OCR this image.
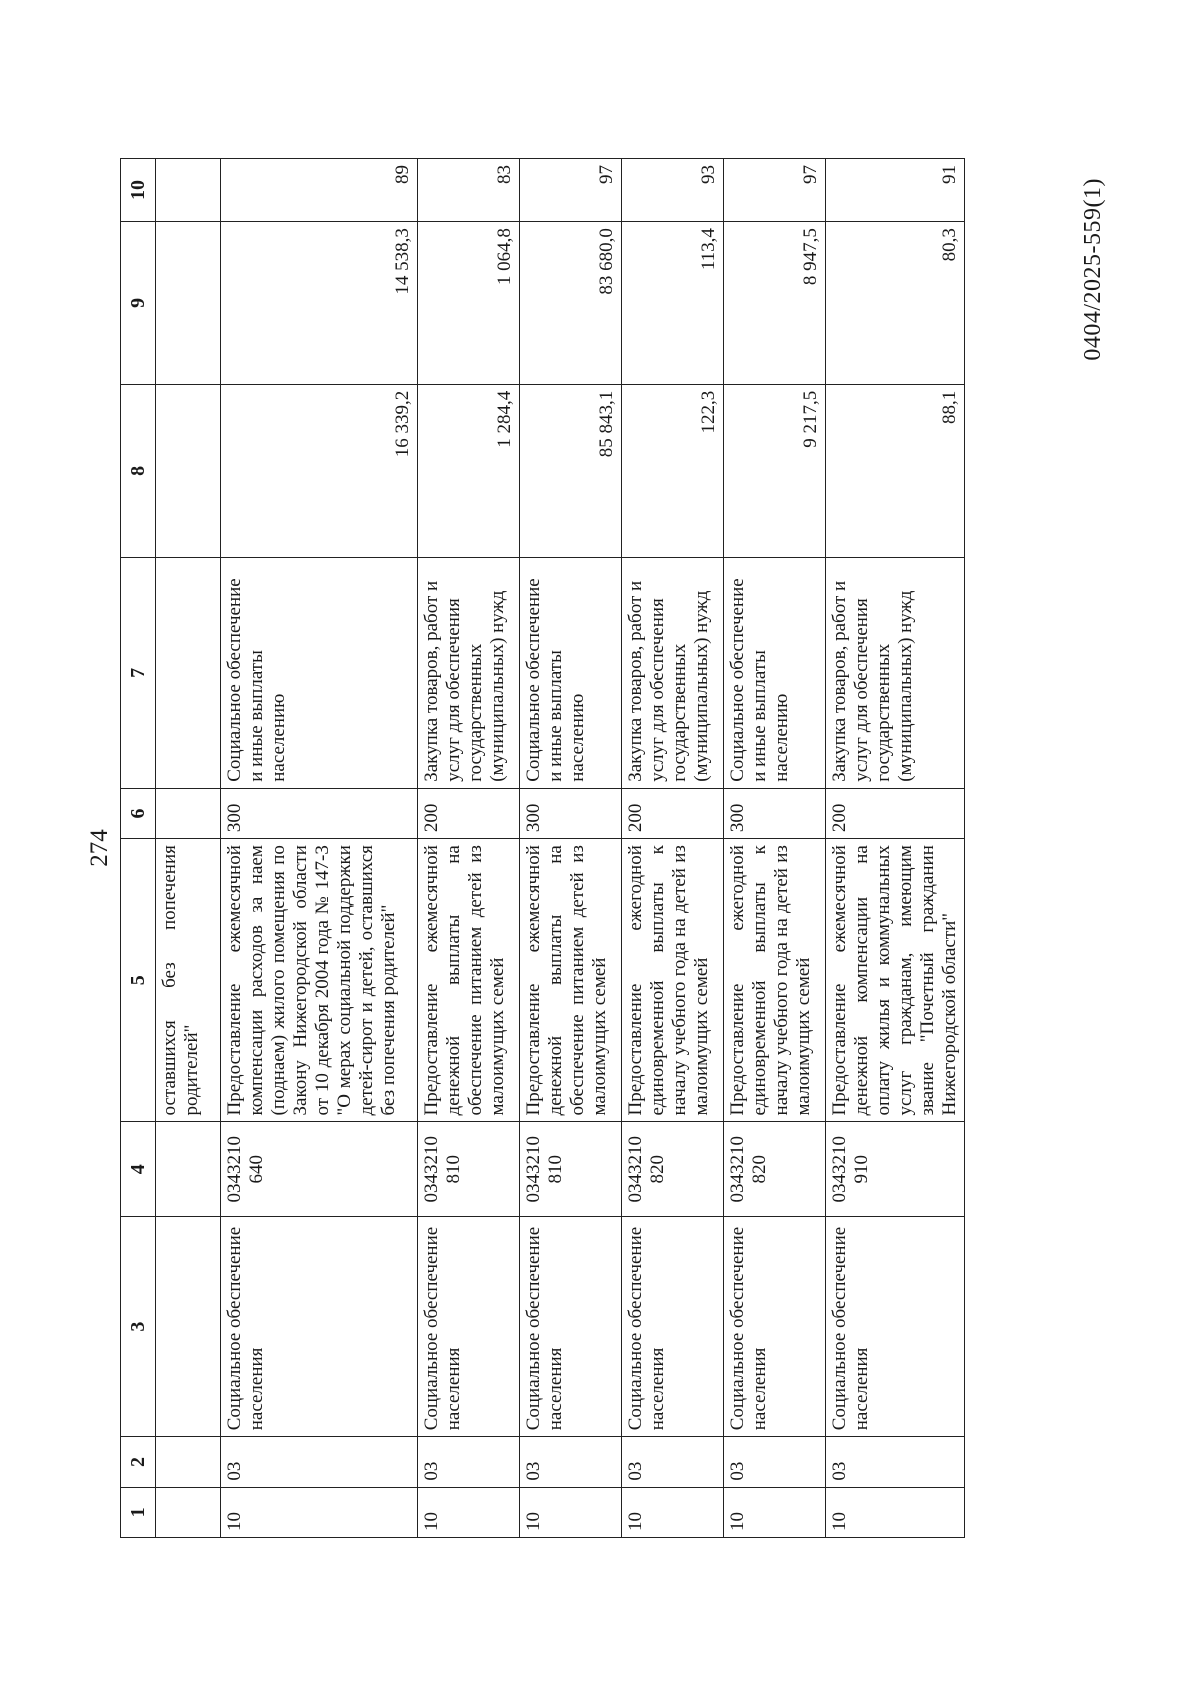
274
1	2	3	4	5	6	7	8	9	10
				оставшихся без попечения родителей"					
10	03	Социальное обеспечение населения	0343210 640	Предоставление ежемесячной компенсации расходов за наем (поднаем) жилого помещения по Закону Нижегородской области от 10 декабря 2004 года № 147-3 "О мерах социальной поддержки детей-сирот и детей, оставшихся без попечения родителей"	300	Социальное обеспечение и иные выплаты населению	16 339,2	14 538,3	89
10	03	Социальное обеспечение населения	0343210 810	Предоставление ежемесячной денежной выплаты на обеспечение питанием детей из малоимущих семей	200	Закупка товаров, работ и услуг для обеспечения государственных (муниципальных) нужд	1 284,4	1 064,8	83
10	03	Социальное обеспечение населения	0343210 810	Предоставление ежемесячной денежной выплаты на обеспечение питанием детей из малоимущих семей	300	Социальное обеспечение и иные выплаты населению	85 843,1	83 680,0	97
10	03	Социальное обеспечение населения	0343210 820	Предоставление ежегодной единовременной выплаты к началу учебного года на детей из малоимущих семей	200	Закупка товаров, работ и услуг для обеспечения государственных (муниципальных) нужд	122,3	113,4	93
10	03	Социальное обеспечение населения	0343210 820	Предоставление ежегодной единовременной выплаты к началу учебного года на детей из малоимущих семей	300	Социальное обеспечение и иные выплаты населению	9 217,5	8 947,5	97
10	03	Социальное обеспечение населения	0343210 910	Предоставление ежемесячной денежной компенсации на оплату жилья и коммунальных услуг гражданам, имеющим звание "Почетный гражданин Нижегородской области"	200	Закупка товаров, работ и услуг для обеспечения государственных (муниципальных) нужд	88,1	80,3	91
0404/2025-559(1)
